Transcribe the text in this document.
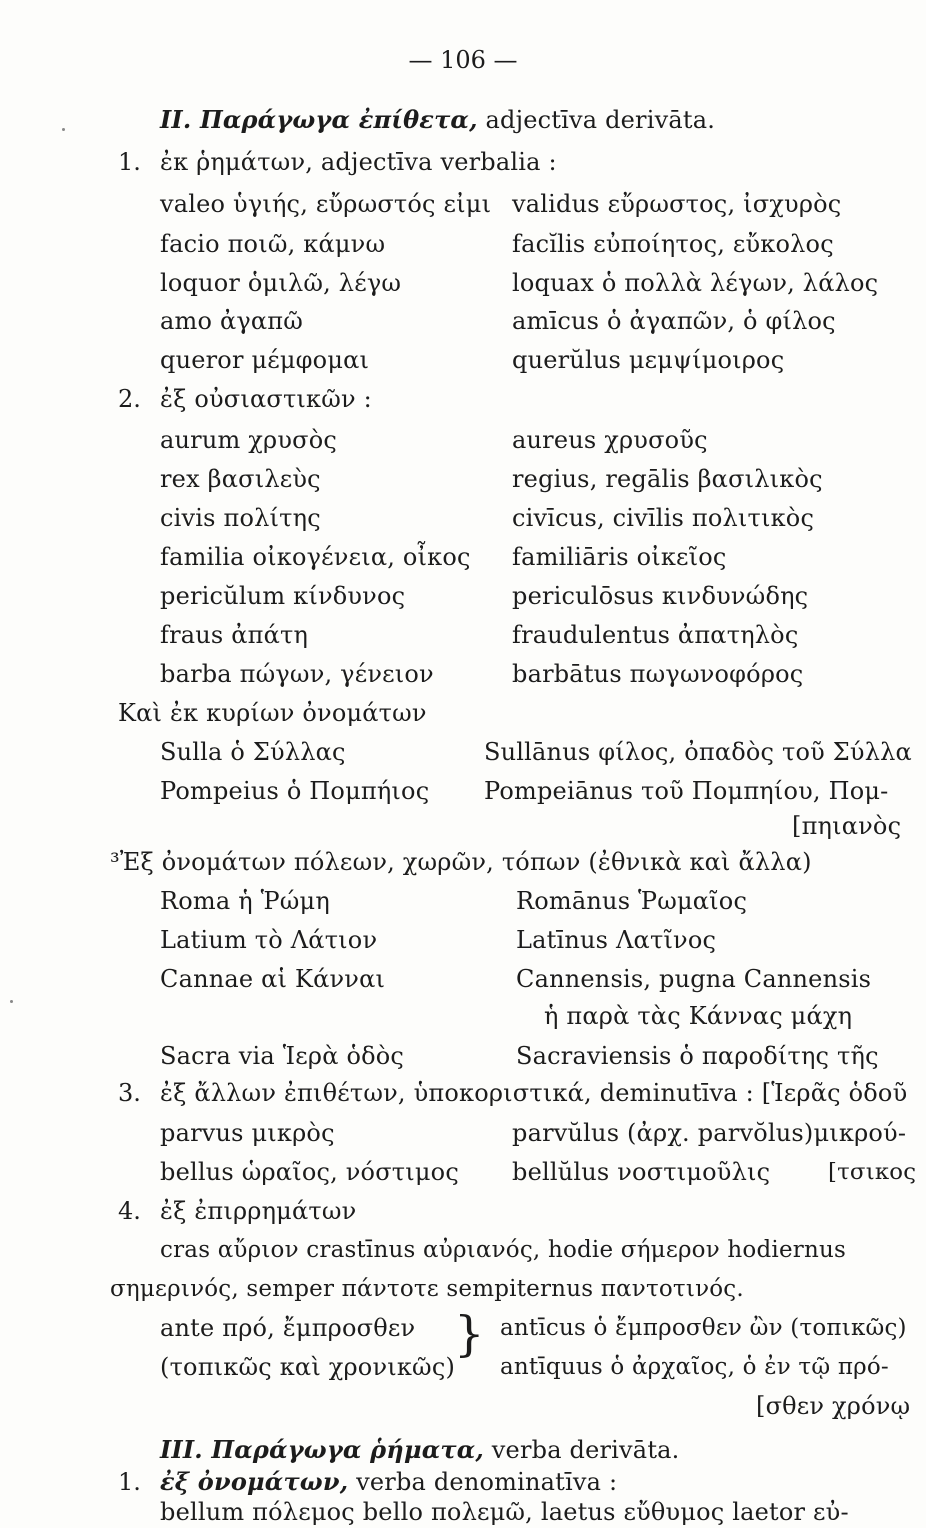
— 106 —
II. Παράγωγα ἐπίθετα, adjectīva derivāta.
1. ἐκ ῥημάτων, adjectīva verbalia :
valeo ὑγιής, εὔρωστός εἰμι validus εὔρωστος, ἰσχυρὸς
facio ποιῶ, κάμνω	facĭlis εὐποίητος, εὔκολος
loquor ὁμιλῶ, λέγω	loquax ὁ πολλὰ λέγων, λάλος
amo ἀγαπῶ	amīcus ὁ ἀγαπῶν, ὁ φίλος
queror μέμφομαι	querŭlus μεμψίμοιρος
2. ἐξ οὐσιαστικῶν :
aurum χρυσὸς	aureus χρυσοῦς
rex βασιλεὺς	regius, regālis βασιλικὸς
civis πολίτης	civīcus, civīlis πολιτικὸς
familia οἰκογένεια, οἶκος familiāris οἰκεῖος
pericŭlum κίνδυνος	periculōsus κινδυνώδης
fraus ἀπάτη	fraudulentus ἀπατηλὸς
barba πώγων, γένειον	barbātus πωγωνοφόρος
Καὶ ἐκ κυρίων ὀνομάτων
Sulla ὁ Σύλλας	Sullānus φίλος, ὀπαδὸς τοῦ Σύλλα
Pompeius ὁ Πομπήιος Pompeiānus τοῦ Πομπηίου, Πομ-
[πηιανὸς
³Ἐξ ὀνομάτων πόλεων, χωρῶν, τόπων (ἐθνικὰ καὶ ἄλλα)
Roma ἡ Ῥώμη	Romānus Ῥωμαῖος
Latium τὸ Λάτιον	Latīnus Λατῖνος
Cannae αἱ Κάνναι	Cannensis, pugna Cannensis
ἡ παρὰ τὰς Κάννας μάχη
Sacra via Ἱερὰ ὁδὸς	Sacraviensis ὁ παροδίτης τῆς
3. ἐξ ἄλλων ἐπιθέτων, ὑποκοριστικά, deminutīva : [Ἱερᾶς ὁδοῦ
parvus μικρὸς	parvŭlus (ἀρχ. parvŏlus)μικρού-
bellus ὡραῖος, νόστιμος bellŭlus νοστιμοῦλις	[τσικος
4. ἐξ ἐπιρρημάτων
cras αὔριον crastīnus αὐριανός, hodie σήμερον hodiernus
σημερινός, semper πάντοτε sempiternus παντοτινός.
ante πρό, ἔμπροσθεν	antīcus ὁ ἔμπροσθεν ὢν (τοπικῶς)
}
(τοπικῶς καὶ χρονικῶς) antīquus ὁ ἀρχαῖος, ὁ ἐν τῷ πρό-
[σθεν χρόνῳ
III. Παράγωγα ῥήματα, verba derivāta.
1. ἐξ ὀνομάτων, verba denominatīva :
bellum πόλεμος bello πολεμῶ, laetus εὔθυμος laetor εὐ-
